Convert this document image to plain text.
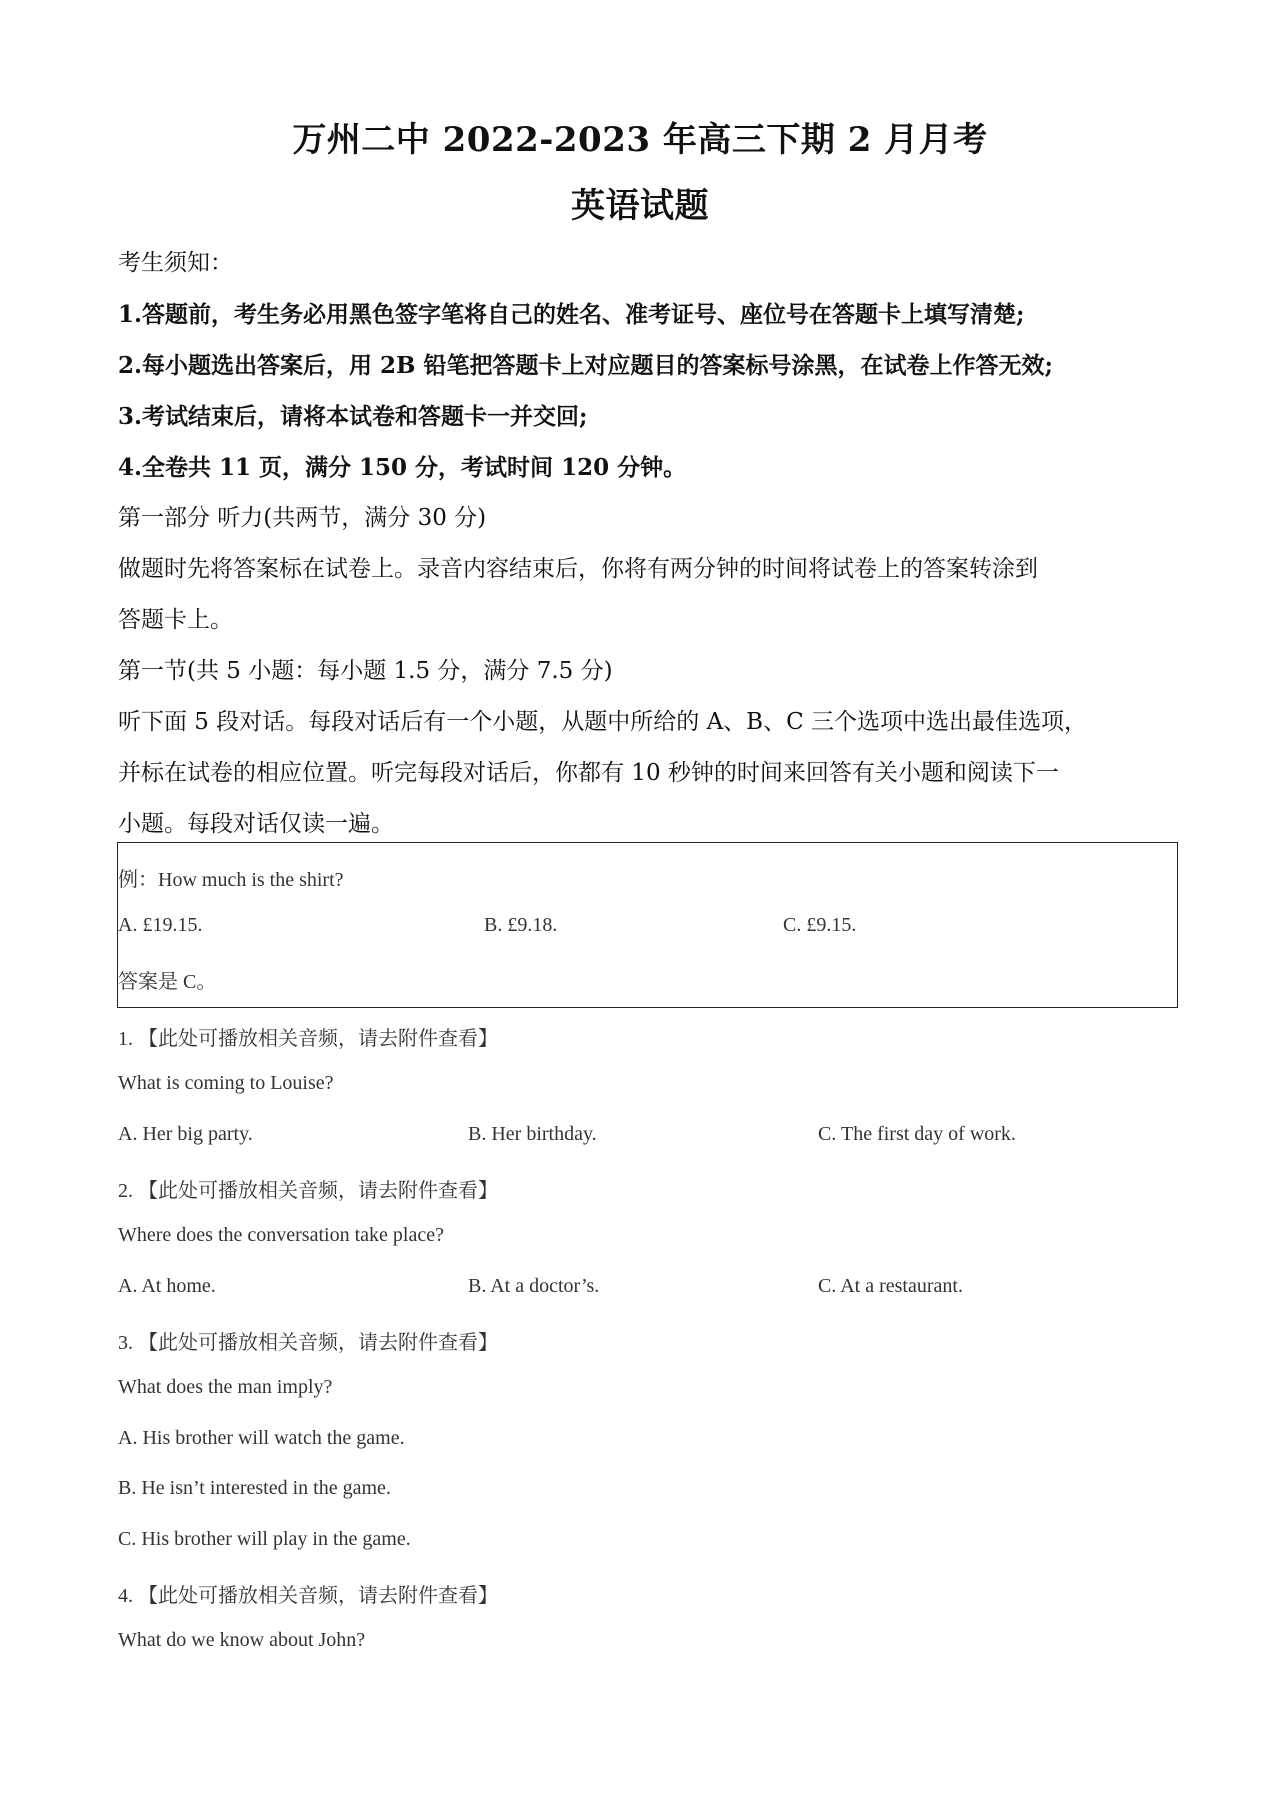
万州二中 2022-2023 年高三下期 2 月月考
英语试题
考生须知：
1.答题前，考生务必用黑色签字笔将自己的姓名、准考证号、座位号在答题卡上填写清楚;
2.每小题选出答案后，用 2B 铅笔把答题卡上对应题目的答案标号涂黑，在试卷上作答无效;
3.考试结束后，请将本试卷和答题卡一并交回;
4.全卷共 11 页，满分 150 分，考试时间 120 分钟。
第一部分 听力(共两节，满分 30 分)
做题时先将答案标在试卷上。录音内容结束后，你将有两分钟的时间将试卷上的答案转涂到
答题卡上。
第一节(共 5 小题：每小题 1.5 分，满分 7.5 分)
听下面 5 段对话。每段对话后有一个小题，从题中所给的 A、B、C 三个选项中选出最佳选项，
并标在试卷的相应位置。听完每段对话后，你都有 10 秒钟的时间来回答有关小题和阅读下一
小题。每段对话仅读一遍。
例：How much is the shirt?
A. £19.15.	B. £9.18.	C. £9.15.
答案是 C。
1. 【此处可播放相关音频，请去附件查看】
What is coming to Louise?
A. Her big party.	B. Her birthday.	C. The first day of work.
2. 【此处可播放相关音频，请去附件查看】
Where does the conversation take place?
A. At home.	B. At a doctor’s.	C. At a restaurant.
3. 【此处可播放相关音频，请去附件查看】
What does the man imply?
A. His brother will watch the game.
B. He isn’t interested in the game.
C. His brother will play in the game.
4. 【此处可播放相关音频，请去附件查看】
What do we know about John?
